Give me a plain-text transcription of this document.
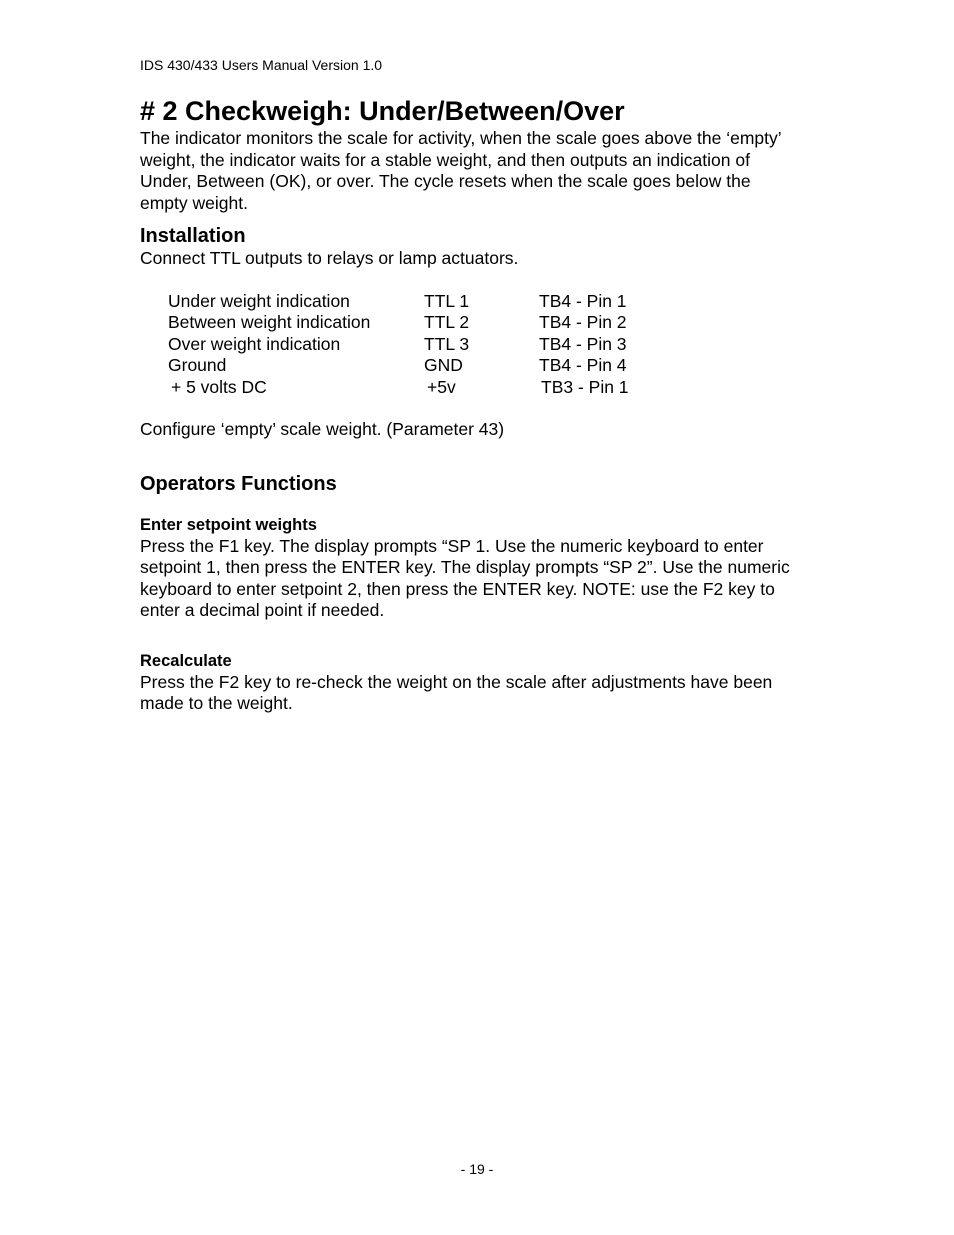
IDS 430/433 Users Manual Version 1.0
# 2 Checkweigh: Under/Between/Over

The indicator monitors the scale for activity, when the scale goes above the ‘empty’ weight, the indicator waits for a stable weight, and then outputs an indication of Under, Between (OK), or over. The cycle resets when the scale goes below the empty weight.

Installation

Connect TTL outputs to relays or lamp actuators.

Under weight indication	TTL 1	TB4 - Pin 1
Between weight indication	TTL 2	TB4 - Pin 2
Over weight indication	TTL 3	TB4 - Pin 3
Ground	GND	TB4 - Pin 4
+ 5 volts DC	+5v	TB3 - Pin 1

Configure ‘empty’ scale weight. (Parameter 43)

Operators Functions
Enter setpoint weights

Press the F1 key. The display prompts “SP 1. Use the numeric keyboard to enter setpoint 1, then press the ENTER key. The display prompts “SP 2”. Use the numeric keyboard to enter setpoint 2, then press the ENTER key. NOTE: use the F2 key to enter a decimal point if needed.

Recalculate

Press the F2 key to re-check the weight on the scale after adjustments have been made to the weight.

- 19 -
